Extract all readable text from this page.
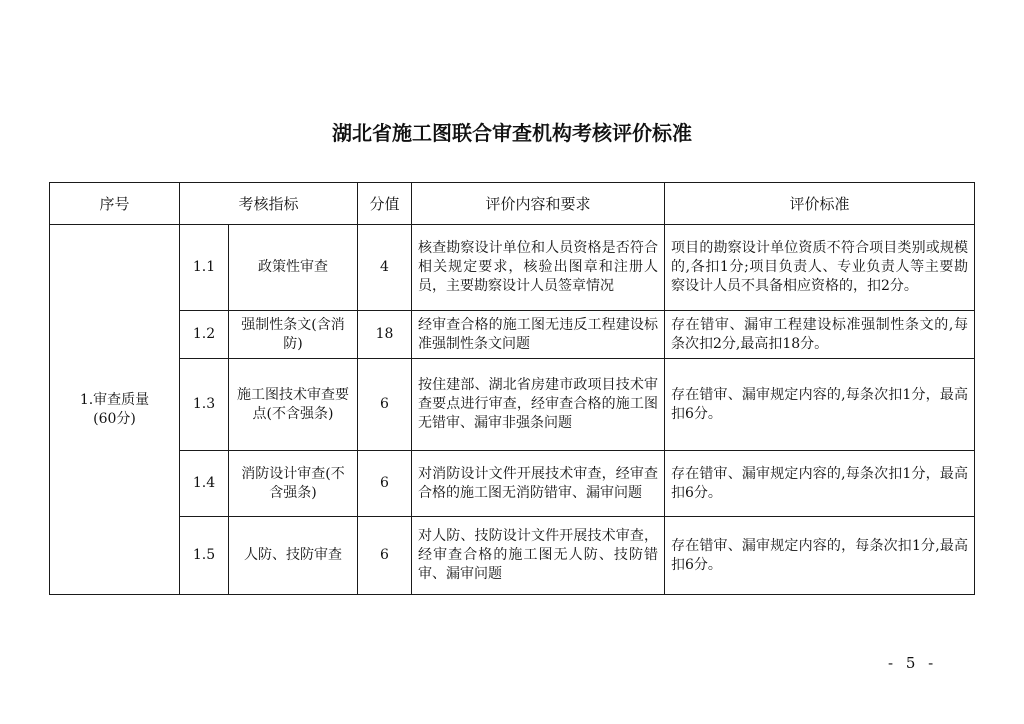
湖北省施工图联合审查机构考核评价标准
序号	考核指标		分值	评价内容和要求	评价标准

1.审查质量
(60分)	1.1	政策性审查	4	核查勘察设计单位和人员资格是否符合相关规定要求，核验出图章和注册人员，主要勘察设计人员签章情况	项目的勘察设计单位资质不符合项目类别或规模的,各扣1分;项目负责人、专业负责人等主要勘察设计人员不具备相应资格的，扣2分。
	1.2	强制性条文(含消防)	18	经审查合格的施工图无违反工程建设标准强制性条文问题	存在错审、漏审工程建设标准强制性条文的,每条次扣2分,最高扣18分。
	1.3	施工图技术审查要点(不含强条)	6	按住建部、湖北省房建市政项目技术审查要点进行审查，经审查合格的施工图无错审、漏审非强条问题	存在错审、漏审规定内容的,每条次扣1分，最高扣6分。
	1.4	消防设计审查(不含强条)	6	对消防设计文件开展技术审查，经审查合格的施工图无消防错审、漏审问题	存在错审、漏审规定内容的,每条次扣1分，最高扣6分。
	1.5	人防、技防审查	6	对人防、技防设计文件开展技术审查，经审查合格的施工图无人防、技防错审、漏审问题	存在错审、漏审规定内容的，每条次扣1分,最高扣6分。
- 5 -
